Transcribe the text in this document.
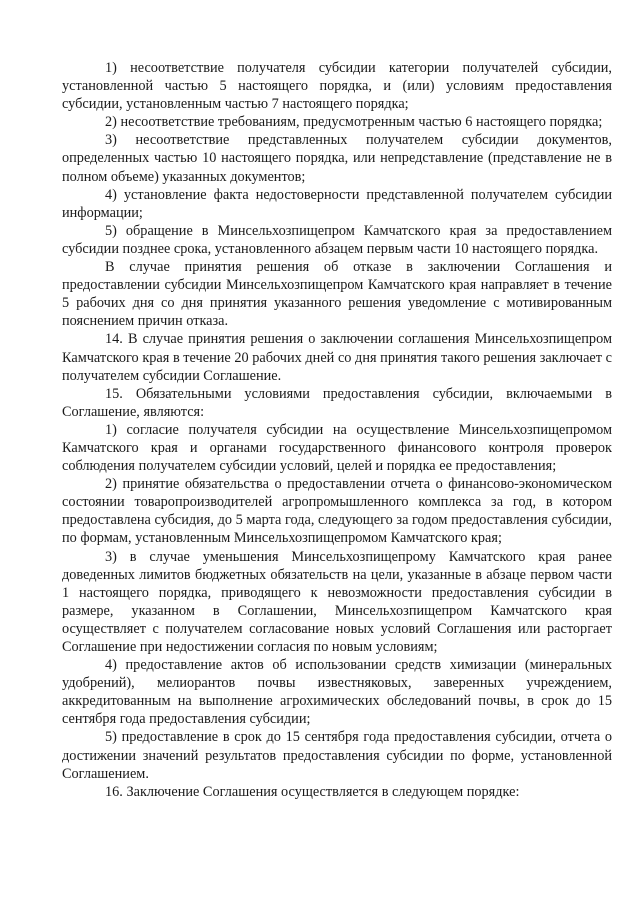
1) несоответствие получателя субсидии категории получателей субсидии, установленной частью 5 настоящего порядка, и (или) условиям предоставления субсидии, установленным частью 7 настоящего порядка;

2) несоответствие требованиям, предусмотренным частью 6 настоящего порядка;

3) несоответствие представленных получателем субсидии документов, определенных частью 10 настоящего порядка, или непредставление (представление не в полном объеме) указанных документов;

4) установление факта недостоверности представленной получателем субсидии информации;

5) обращение в Минсельхозпищепром Камчатского края за предоставлением субсидии позднее срока, установленного абзацем первым части 10 настоящего порядка.

В случае принятия решения об отказе в заключении Соглашения и предоставлении субсидии Минсельхозпищепром Камчатского края направляет в течение 5 рабочих дня со дня принятия указанного решения уведомление с мотивированным пояснением причин отказа.

14. В случае принятия решения о заключении соглашения Минсельхозпищепром Камчатского края в течение 20 рабочих дней со дня принятия такого решения заключает с получателем субсидии Соглашение.

15. Обязательными условиями предоставления субсидии, включаемыми в Соглашение, являются:

1) согласие получателя субсидии на осуществление Минсельхозпищепромом Камчатского края и органами государственного финансового контроля проверок соблюдения получателем субсидии условий, целей и порядка ее предоставления;

2) принятие обязательства о предоставлении отчета о финансово-экономическом состоянии товаропроизводителей агропромышленного комплекса за год, в котором предоставлена субсидия, до 5 марта года, следующего за годом предоставления субсидии, по формам, установленным Минсельхозпищепромом Камчатского края;

3) в случае уменьшения Минсельхозпищепрому Камчатского края ранее доведенных лимитов бюджетных обязательств на цели, указанные в абзаце первом части 1 настоящего порядка, приводящего к невозможности предоставления субсидии в размере, указанном в Соглашении, Минсельхозпищепром Камчатского края осуществляет с получателем согласование новых условий Соглашения или расторгает Соглашение при недостижении согласия по новым условиям;

4) предоставление актов об использовании средств химизации (минеральных удобрений), мелиорантов почвы известняковых, заверенных учреждением, аккредитованным на выполнение агрохимических обследований почвы, в срок до 15 сентября года предоставления субсидии;

5) предоставление в срок до 15 сентября года предоставления субсидии, отчета о достижении значений результатов предоставления субсидии по форме, установленной Соглашением.

16. Заключение Соглашения осуществляется в следующем порядке:
